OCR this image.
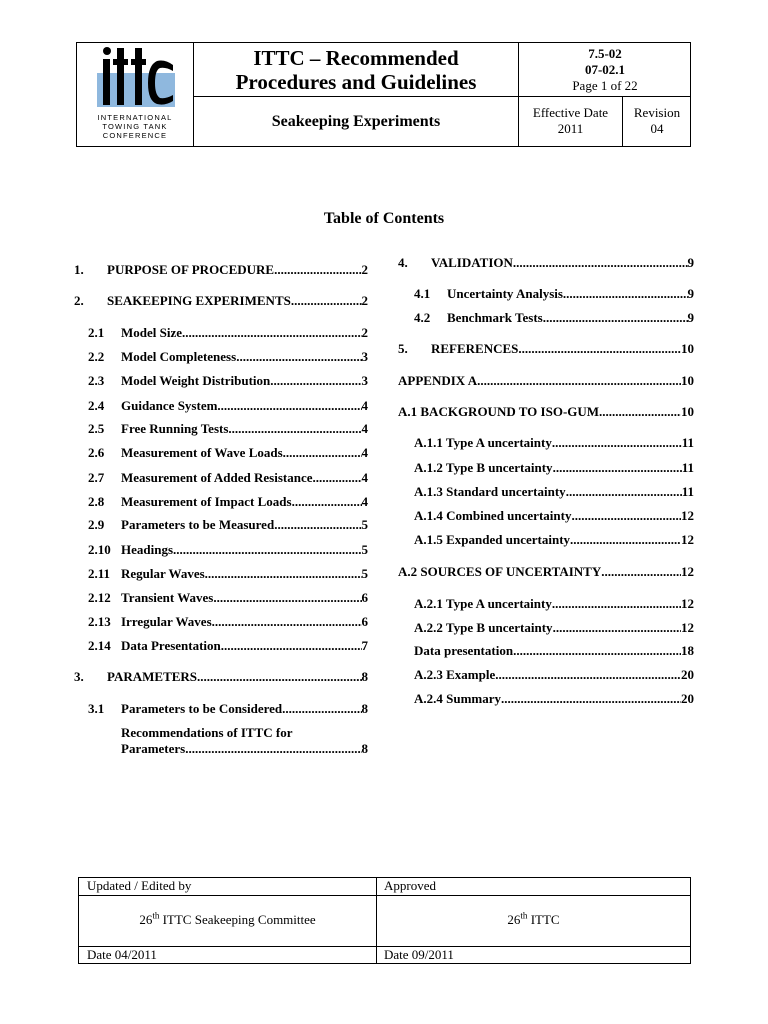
INTERNATIONAL
TOWING TANK
CONFERENCE
ITTC – Recommended
Procedures and Guidelines
Seakeeping Experiments
7.5-02
07-02.1
Page 1 of 22
Effective Date
2011
Revision
04
Table of Contents
1.	PURPOSE OF PROCEDURE .....	2
2.	SEAKEEPING EXPERIMENTS .....	2
2.1	Model Size .....	2
2.2	Model Completeness .....	3
2.3	Model Weight Distribution .....	3
2.4	Guidance System .....	4
2.5	Free Running Tests .....	4
2.6	Measurement of Wave Loads .....	4
2.7	Measurement of Added Resistance .....	4
2.8	Measurement of Impact Loads .....	4
2.9	Parameters to be Measured .....	5
2.10 Headings .....	5
2.11 Regular Waves .....	5
2.12 Transient Waves .....	6
2.13 Irregular Waves .....	6
2.14 Data Presentation .....	7
3.	PARAMETERS .....	8
3.1	Parameters to be Considered .....	8
Recommendations of ITTC for
Parameters .....	8
4.	VALIDATION .....	9
4.1	Uncertainty Analysis .....	9
4.2	Benchmark Tests .....	9
5.	REFERENCES .....	10
APPENDIX A .....	10
A.1 BACKGROUND TO ISO-GUM .....	10
A.1.1 Type A uncertainty .....	11
A.1.2 Type B uncertainty .....	11
A.1.3 Standard uncertainty .....	11
A.1.4 Combined uncertainty .....	12
A.1.5 Expanded uncertainty .....	12
A.2 SOURCES OF UNCERTAINTY .....	12
A.2.1 Type A uncertainty .....	12
A.2.2 Type B uncertainty .....	12
Data presentation .....	18
A.2.3 Example .....	20
A.2.4 Summary .....	20
Updated / Edited by	Approved
26th ITTC Seakeeping Committee	26th ITTC
Date 04/2011	Date 09/2011
